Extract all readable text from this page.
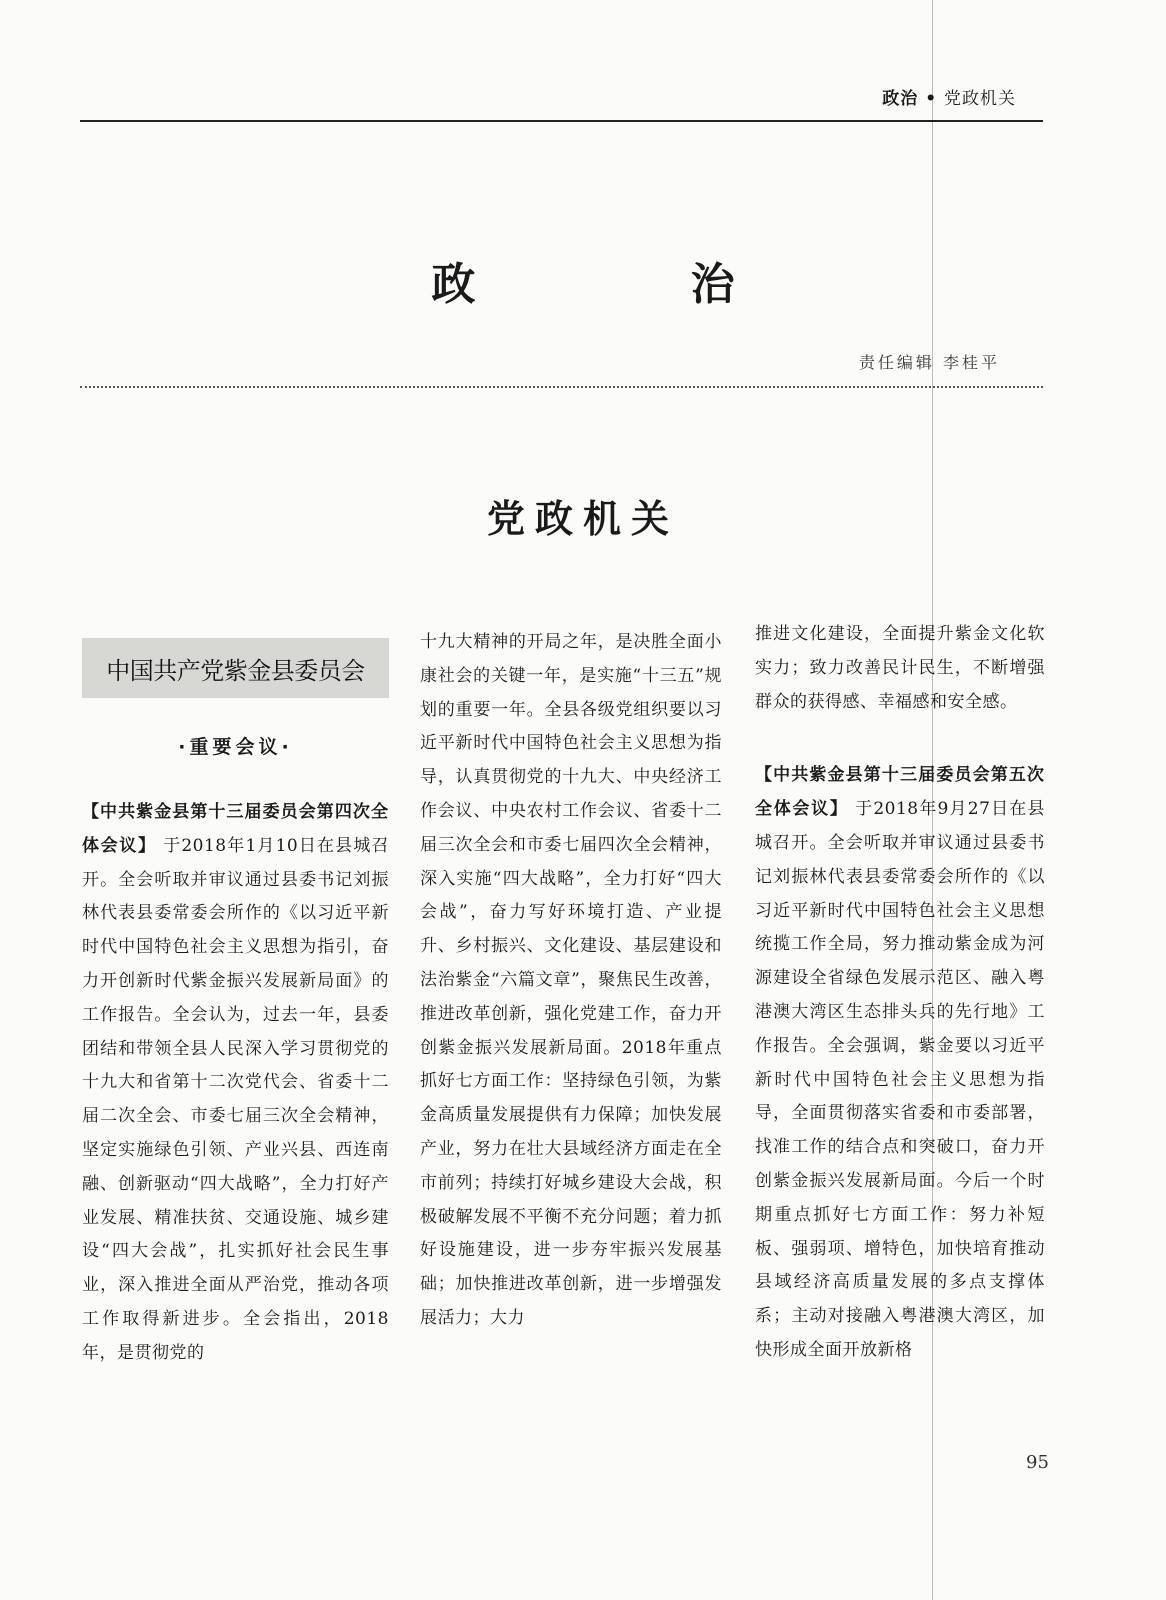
政治 • 党政机关
政 治
责任编辑 李桂平
党政机关
中国共产党紫金县委员会
·重要会议·

【中共紫金县第十三届委员会第四次全体会议】 于2018年1月10日在县城召开。全会听取并审议通过县委书记刘振林代表县委常委会所作的《以习近平新时代中国特色社会主义思想为指引，奋力开创新时代紫金振兴发展新局面》的工作报告。全会认为，过去一年，县委团结和带领全县人民深入学习贯彻党的十九大和省第十二次党代会、省委十二届二次全会、市委七届三次全会精神，坚定实施绿色引领、产业兴县、西连南融、创新驱动“四大战略”，全力打好产业发展、精准扶贫、交通设施、城乡建设“四大会战”，扎实抓好社会民生事业，深入推进全面从严治党，推动各项工作取得新进步。全会指出，2018年，是贯彻党的

十九大精神的开局之年，是决胜全面小康社会的关键一年，是实施“十三五”规划的重要一年。全县各级党组织要以习近平新时代中国特色社会主义思想为指导，认真贯彻党的十九大、中央经济工作会议、中央农村工作会议、省委十二届三次全会和市委七届四次全会精神，深入实施“四大战略”，全力打好“四大会战”，奋力写好环境打造、产业提升、乡村振兴、文化建设、基层建设和法治紫金“六篇文章”，聚焦民生改善，推进改革创新，强化党建工作，奋力开创紫金振兴发展新局面。2018年重点抓好七方面工作：坚持绿色引领，为紫金高质量发展提供有力保障；加快发展产业，努力在壮大县域经济方面走在全市前列；持续打好城乡建设大会战，积极破解发展不平衡不充分问题；着力抓好设施建设，进一步夯牢振兴发展基础；加快推进改革创新，进一步增强发展活力；大力

推进文化建设，全面提升紫金文化软实力；致力改善民计民生，不断增强群众的获得感、幸福感和安全感。

【中共紫金县第十三届委员会第五次全体会议】 于2018年9月27日在县城召开。全会听取并审议通过县委书记刘振林代表县委常委会所作的《以习近平新时代中国特色社会主义思想统揽工作全局，努力推动紫金成为河源建设全省绿色发展示范区、融入粤港澳大湾区生态排头兵的先行地》工作报告。全会强调，紫金要以习近平新时代中国特色社会主义思想为指导，全面贯彻落实省委和市委部署，找准工作的结合点和突破口，奋力开创紫金振兴发展新局面。今后一个时期重点抓好七方面工作：努力补短板、强弱项、增特色，加快培育推动县域经济高质量发展的多点支撑体系；主动对接融入粤港澳大湾区，加快形成全面开放新格

95
